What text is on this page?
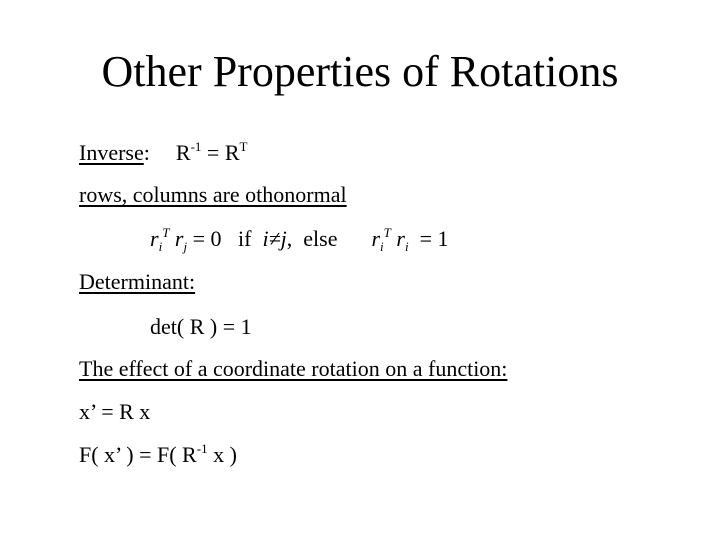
Other Properties of Rotations
Inverse: $R^{-1} = R^T$
rows, columns are othonormal
$r_i^T$ $r_j = 0$   if  i≠j,  else $r_i^T$ $r_i = 1$
Determinant:
det( R ) = 1
The effect of a coordinate rotation on a function:
x’ = R x
F( x’ ) = F( $R^{-1}$ x )
